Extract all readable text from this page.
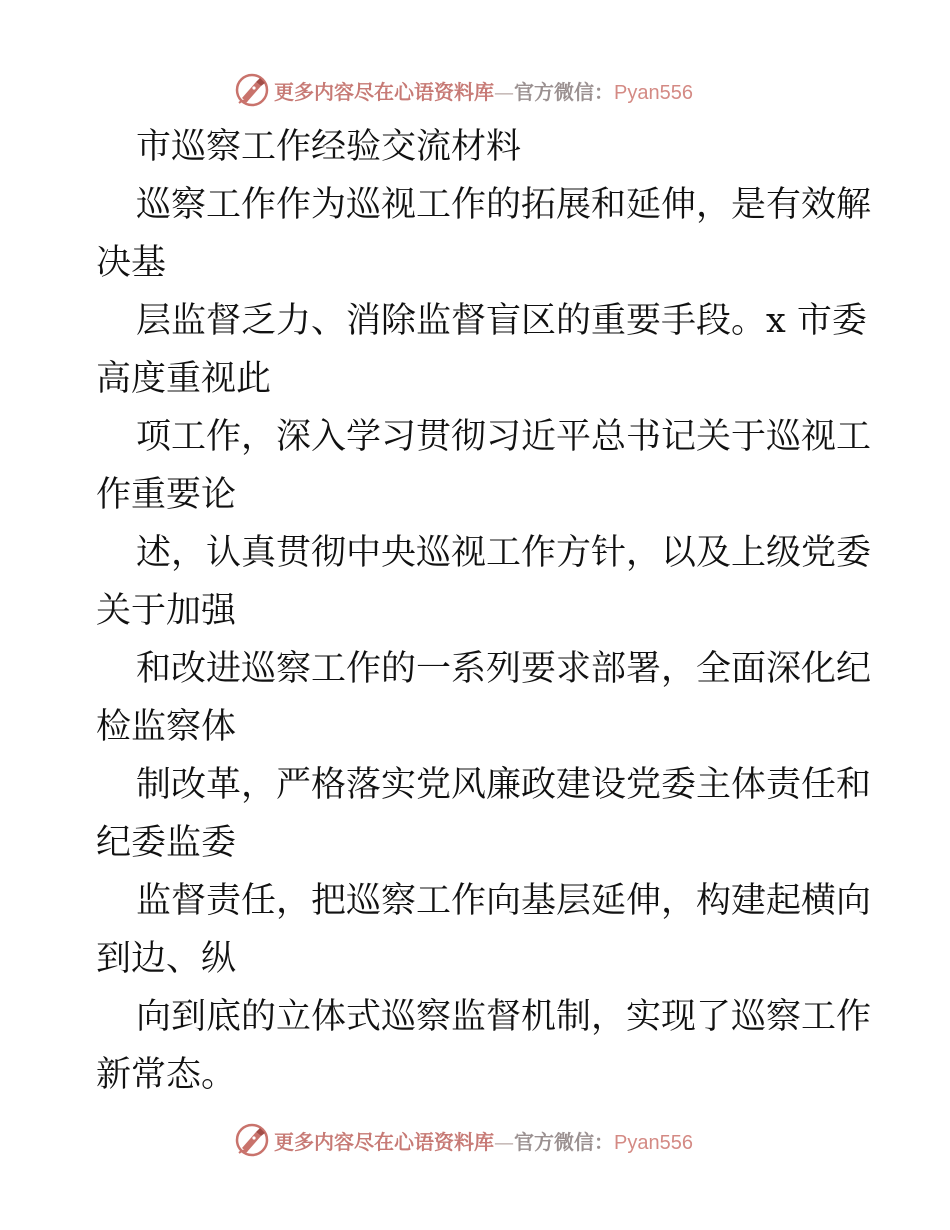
更多内容尽在心语资料库—官方微信：Pyan556
市巡察工作经验交流材料
巡察工作作为巡视工作的拓展和延伸，是有效解
决基
层监督乏力、消除监督盲区的重要手段。x 市委
高度重视此
项工作，深入学习贯彻习近平总书记关于巡视工
作重要论
述，认真贯彻中央巡视工作方针，以及上级党委
关于加强
和改进巡察工作的一系列要求部署，全面深化纪
检监察体
制改革，严格落实党风廉政建设党委主体责任和
纪委监委
监督责任，把巡察工作向基层延伸，构建起横向
到边、纵
向到底的立体式巡察监督机制，实现了巡察工作
新常态。
更多内容尽在心语资料库—官方微信：Pyan556
